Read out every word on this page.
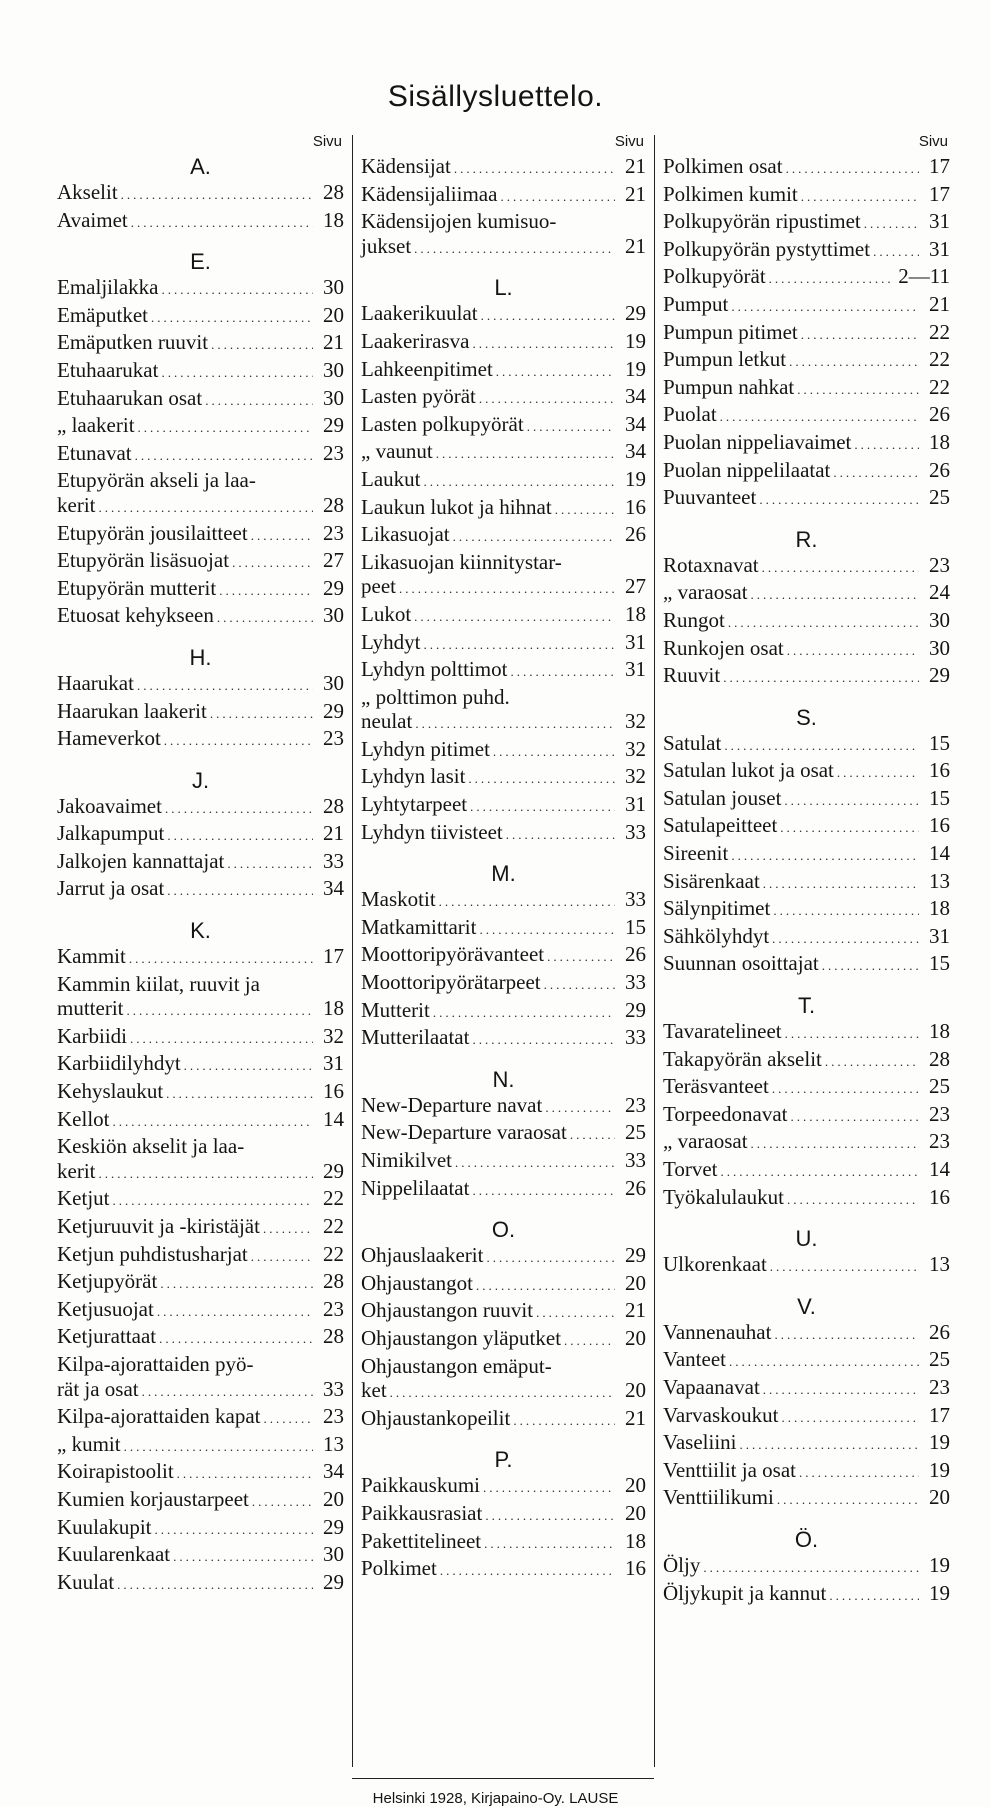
Sisällysluettelo.
Sivu
A.
Akselit .....	28
Avaimet .....	18
E.
Emaljilakka .....	30
Emäputket .....	20
Emäputken ruuvit .....	21
Etuhaarukat .....	30
Etuhaarukan osat .....	30
„ laakerit .....	29
Etunavat .....	23
Etupyörän akseli ja laa-
kerit .....	28
Etupyörän jousilaitteet .....	23
Etupyörän lisäsuojat .....	27
Etupyörän mutterit .....	29
Etuosat kehykseen .....	30
H.
Haarukat .....	30
Haarukan laakerit .....	29
Hameverkot .....	23
J.
Jakoavaimet .....	28
Jalkapumput .....	21
Jalkojen kannattajat .....	33
Jarrut ja osat .....	34
K.
Kammit .....	17
Kammin kiilat, ruuvit ja
mutterit .....	18
Karbiidi .....	32
Karbiidilyhdyt .....	31
Kehyslaukut .....	16
Kellot .....	14
Keskiön akselit ja laa-
kerit .....	29
Ketjut .....	22
Ketjuruuvit ja -kiristäjät .....	22
Ketjun puhdistusharjat .....	22
Ketjupyörät .....	28
Ketjusuojat .....	23
Ketjurattaat .....	28
Kilpa-ajorattaiden pyö-
rät ja osat .....	33
Kilpa-ajorattaiden kapat .....	23
„ kumit .....	13
Koirapistoolit .....	34
Kumien korjaustarpeet .....	20
Kuulakupit .....	29
Kuularenkaat .....	30
Kuulat .....	29
Sivu
Kädensijat .....	21
Kädensijaliimaa .....	21
Kädensijojen kumisuo-
jukset .....	21
L.
Laakerikuulat .....	29
Laakerirasva .....	19
Lahkeenpitimet .....	19
Lasten pyörät .....	34
Lasten polkupyörät .....	34
„ vaunut .....	34
Laukut .....	19
Laukun lukot ja hihnat .....	16
Likasuojat .....	26
Likasuojan kiinnitystar-
peet .....	27
Lukot .....	18
Lyhdyt .....	31
Lyhdyn polttimot .....	31
„ polttimon puhd.
neulat .....	32
Lyhdyn pitimet .....	32
Lyhdyn lasit .....	32
Lyhtytarpeet .....	31
Lyhdyn tiivisteet .....	33
M.
Maskotit .....	33
Matkamittarit .....	15
Moottoripyörävanteet .....	26
Moottoripyörätarpeet .....	33
Mutterit .....	29
Mutterilaatat .....	33
N.
New-Departure navat .....	23
New-Departure varaosat .....	25
Nimikilvet .....	33
Nippelilaatat .....	26
O.
Ohjauslaakerit .....	29
Ohjaustangot .....	20
Ohjaustangon ruuvit .....	21
Ohjaustangon yläputket .....	20
Ohjaustangon emäput-
ket .....	20
Ohjaustankopeilit .....	21
P.
Paikkauskumi .....	20
Paikkausrasiat .....	20
Pakettitelineet .....	18
Polkimet .....	16
Sivu
Polkimen osat .....	17
Polkimen kumit .....	17
Polkupyörän ripustimet .....	31
Polkupyörän pystyttimet .....	31
Polkupyörät .....	2—11
Pumput .....	21
Pumpun pitimet .....	22
Pumpun letkut .....	22
Pumpun nahkat .....	22
Puolat .....	26
Puolan nippeliavaimet .....	18
Puolan nippelilaatat .....	26
Puuvanteet .....	25
R.
Rotaxnavat .....	23
„ varaosat .....	24
Rungot .....	30
Runkojen osat .....	30
Ruuvit .....	29
S.
Satulat .....	15
Satulan lukot ja osat .....	16
Satulan jouset .....	15
Satulapeitteet .....	16
Sireenit .....	14
Sisärenkaat .....	13
Sälynpitimet .....	18
Sähkölyhdyt .....	31
Suunnan osoittajat .....	15
T.
Tavaratelineet .....	18
Takapyörän akselit .....	28
Teräsvanteet .....	25
Torpeedonavat .....	23
„ varaosat .....	23
Torvet .....	14
Työkalulaukut .....	16
U.
Ulkorenkaat .....	13
V.
Vannenauhat .....	26
Vanteet .....	25
Vapaanavat .....	23
Varvaskoukut .....	17
Vaseliini .....	19
Venttiilit ja osat .....	19
Venttiilikumi .....	20
Ö.
Öljy .....	19
Öljykupit ja kannut .....	19
Helsinki 1928, Kirjapaino-Oy. LAUSE
